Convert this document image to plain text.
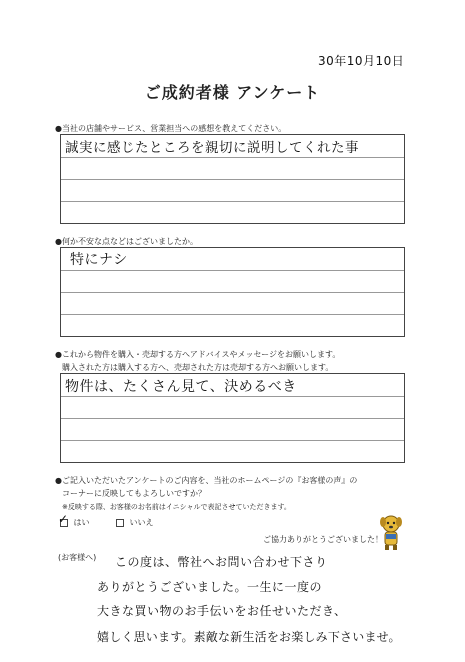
30年10月10日
ご成約者様 アンケート
●当社の店舗やサービス、営業担当への感想を教えてください。
誠実に感じたところを親切に説明してくれた事
●何か不安な点などはございましたか。
特にナシ
●これから物件を購入・売却する方へアドバイスやメッセージをお願いします。
購入された方は購入する方へ、売却された方は売却する方へお願いします。
物件は、たくさん見て、決めるべき
●ご記入いただいたアンケートのご内容を、当社のホームページの『お客様の声』の
コーナーに反映してもよろしいですか？
※反映する際、お客様のお名前はイニシャルで表記させていただきます。
✓ はい	いいえ
ご協力ありがとうございました！
(お客様へ) この度は、幣社へお問い合わせ下さり
ありがとうございました。一生に一度の
大きな買い物のお手伝いをお任せいただき、
嬉しく思います。素敵な新生活をお楽しみ下さいませ。
